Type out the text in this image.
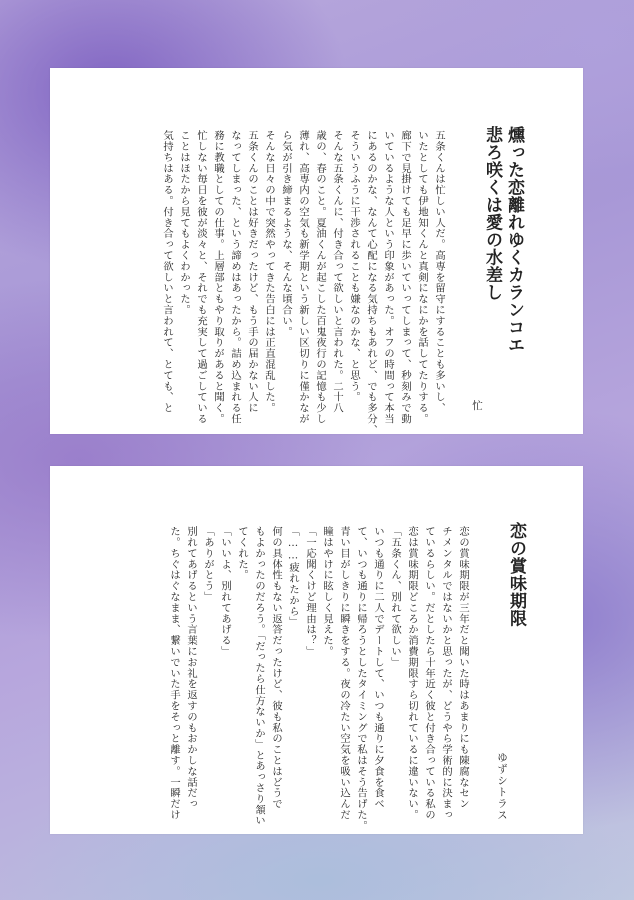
燻った恋離れゆくカランコエ
悲ろ咲くは愛の水差し
忙
五条くんは忙しい人だ。高専を留守にすることも多いし、
いたとしても伊地知くんと真剣になにかを話してたりする。
廊下で見掛けても足早に歩いていってしまって、秒刻みで動
いているような人という印象があった。オフの時間って本当
にあるのかな、なんて心配になる気持ちもあれど、でも多分、
そういうふうに干渉されることも嫌なのかな、と思う。
そんな五条くんに、付き合って欲しいと言われた。二十八
歳の、春のこと。夏油くんが起こした百鬼夜行の記憶も少し
薄れ、高専内の空気も新学期という新しい区切りに僅かなが
ら気が引き締まるような、そんな頃合い。
そんな日々の中で突然やってきた告白には正直混乱した。
五条くんのことは好きだったけど、もう手の届かない人に
なってしまった、という諦めはあったから。詰め込まれる任
務に教職としての仕事。上層部ともやり取りがあると聞く。
忙しない毎日を彼が淡々と、それでも充実して過ごしている
ことはほたから見てもよくわかった。
気持ちはある。付き合って欲しいと言われて、とても、と
恋の賞味期限
ゆずシトラス
恋の賞味期限が三年だと聞いた時はあまりにも陳腐なセン
チメンタルではないかと思ったが、どうやら学術的に決まっ
ているらしい。だとしたら十年近く彼と付き合っている私の
恋は賞味期限どころか消費期限すら切れているに違いない。
「五条くん、別れて欲しい」
いつも通りに二人でデートして、いつも通りに夕食を食べ
て、いつも通りに帰ろうとしたタイミングで私はそう告げた。
青い目がしきりに瞬きをする。夜の冷たい空気を吸い込んだ
瞳はやけに眩しく見えた。
「一応聞くけど理由は？」
「……疲れたから」
何の具体性もない返答だったけど、彼も私のことはどうで
もよかったのだろう。「だったら仕方ないか」とあっさり頷い
てくれた。
「いいよ、別れてあげる」
「ありがとう」
別れてあげるという言葉にお礼を返すのもおかしな話だっ
た。ちぐはぐなまま、繋いでいた手をそっと離す。一瞬だけ
